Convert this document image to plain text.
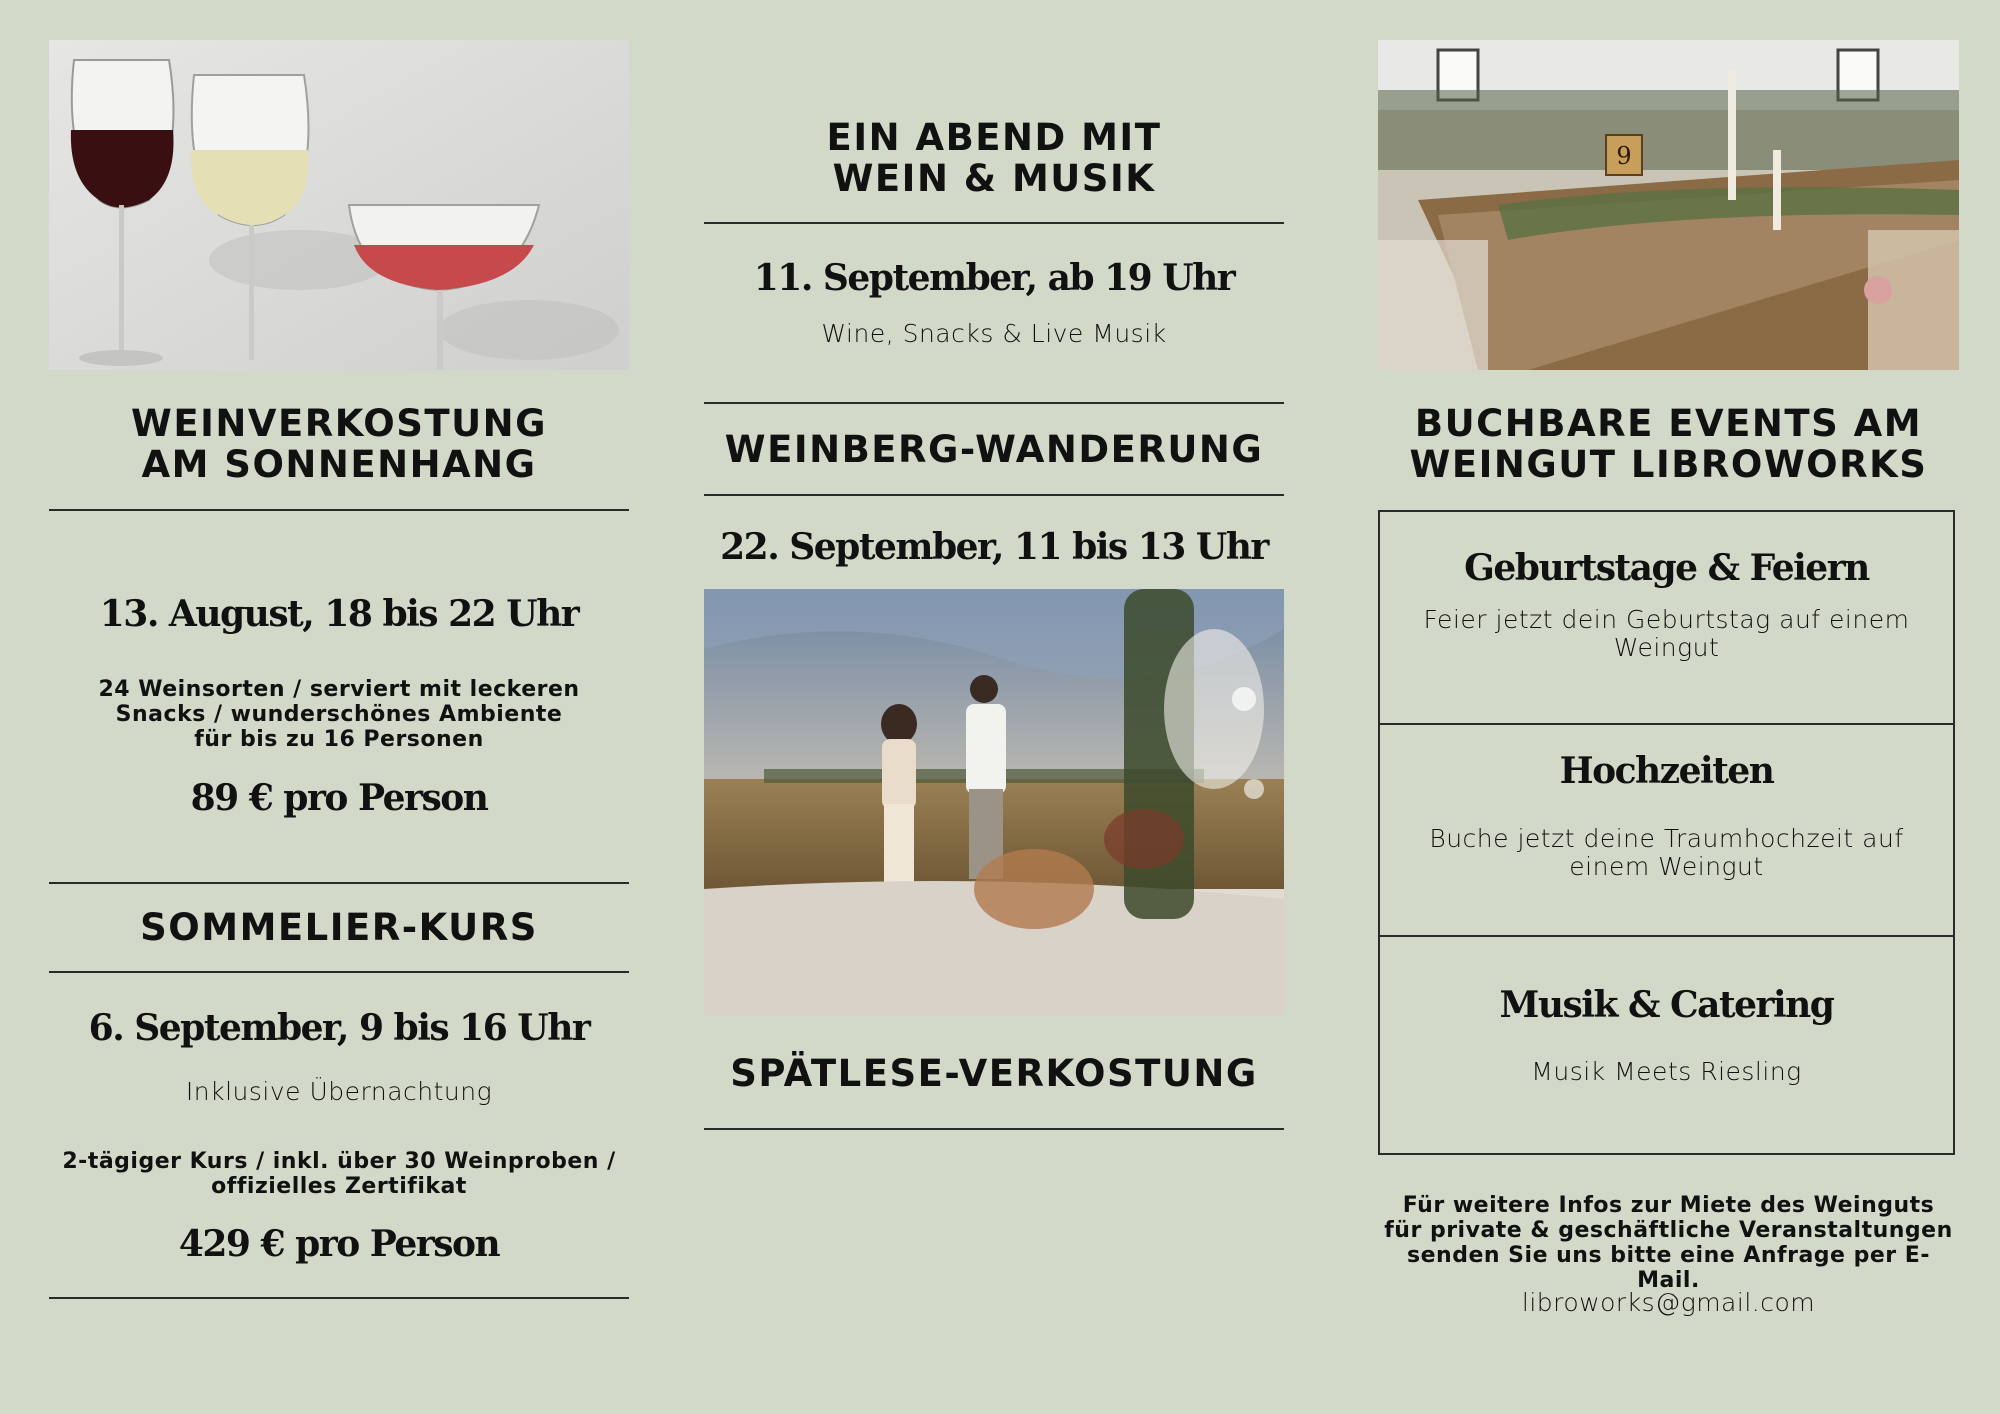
WEINVERKOSTUNG
AM SONNENHANG
13. August, 18 bis 22 Uhr
24 Weinsorten / serviert mit leckeren
Snacks / wunderschönes Ambiente
für bis zu 16 Personen
89 € pro Person
SOMMELIER-KURS
6. September, 9 bis 16 Uhr
Inklusive Übernachtung
2-tägiger Kurs / inkl. über 30 Weinproben /
offizielles Zertifikat
429 € pro Person
EIN ABEND MIT
WEIN & MUSIK
11. September, ab 19 Uhr
Wine, Snacks & Live Musik
WEINBERG-WANDERUNG
22. September, 11 bis 13 Uhr
SPÄTLESE-VERKOSTUNG
9
BUCHBARE EVENTS AM
WEINGUT LIBROWORKS
Geburtstage & Feiern
Feier jetzt dein Geburtstag auf einem
Weingut
Hochzeiten
Buche jetzt deine Traumhochzeit auf
einem Weingut
Musik & Catering
Musik Meets Riesling
Für weitere Infos zur Miete des Weinguts
für private & geschäftliche Veranstaltungen
senden Sie uns bitte eine Anfrage per E-Mail.
libroworks@gmail.com
